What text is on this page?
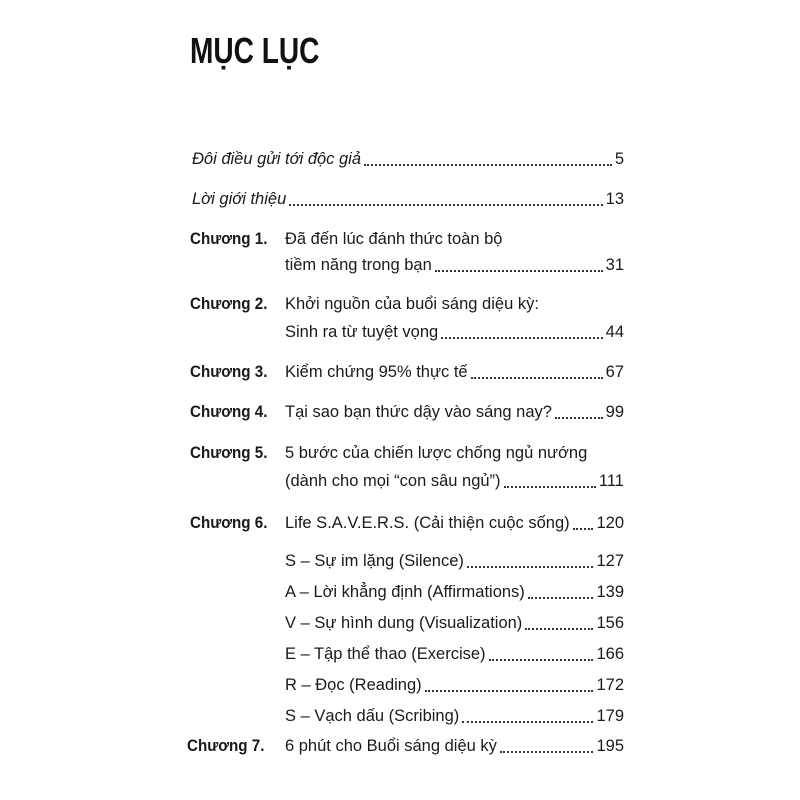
MỤC LỤC
Đôi điều gửi tới độc giả	5
Lời giới thiệu	13
Chương 1. Đã đến lúc đánh thức toàn bộ
tiềm năng trong bạn	31
Chương 2. Khởi nguồn của buổi sáng diệu kỳ:
Sinh ra từ tuyệt vọng	44
Chương 3. Kiểm chứng 95% thực tế	67
Chương 4. Tại sao bạn thức dậy vào sáng nay?	99
Chương 5. 5 bước của chiến lược chống ngủ nướng
(dành cho mọi “con sâu ngủ”)	111
Chương 6. Life S.A.V.E.R.S. (Cải thiện cuộc sống) 120
S – Sự im lặng (Silence)	127
A – Lời khẳng định (Affirmations)	139
V – Sự hình dung (Visualization)	156
E – Tập thể thao (Exercise)	166
R – Đọc (Reading)	172
S – Vạch dấu (Scribing)	179
Chương 7. 6 phút cho Buổi sáng diệu kỳ	195
